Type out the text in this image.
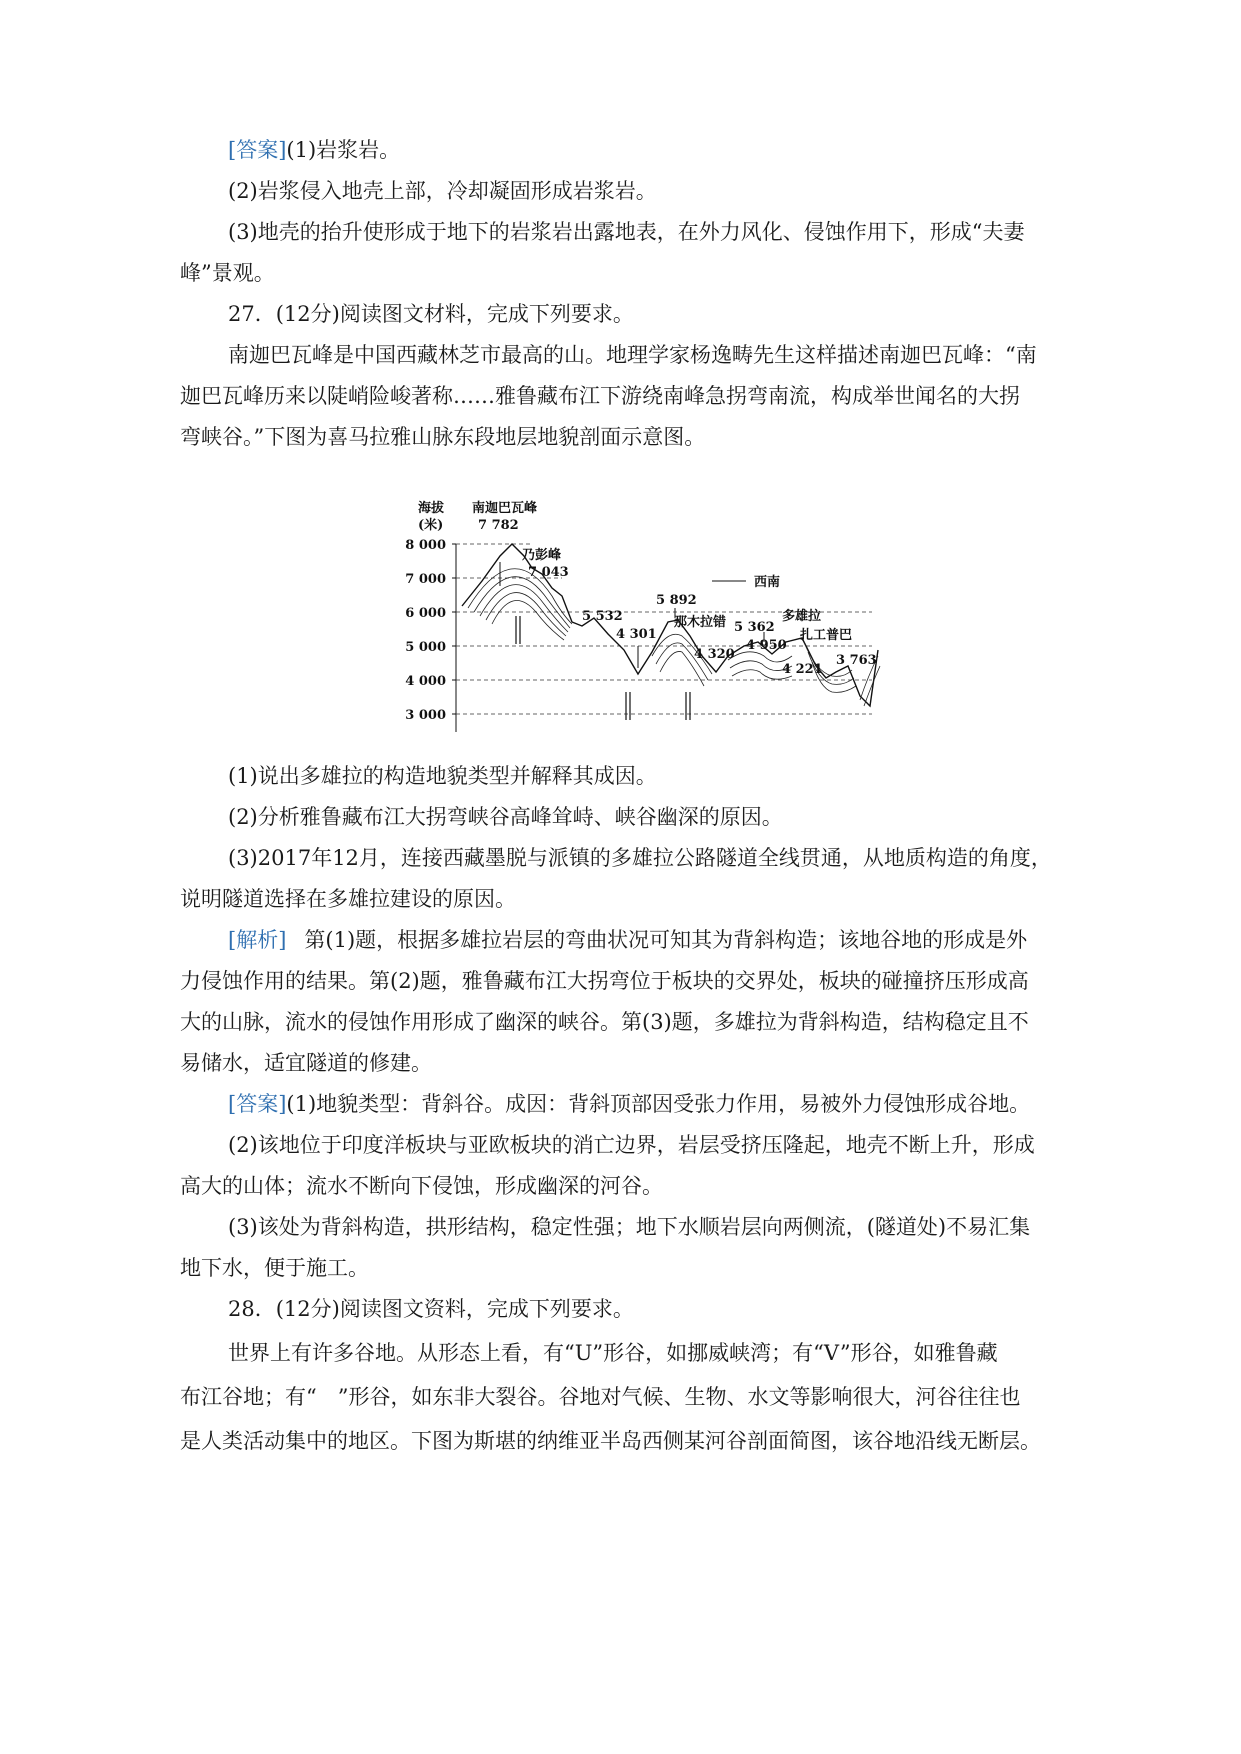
[答案](1)岩浆岩。
(2)岩浆侵入地壳上部，冷却凝固形成岩浆岩。
(3)地壳的抬升使形成于地下的岩浆岩出露地表，在外力风化、侵蚀作用下，形成“夫妻
峰”景观。
27．(12分)阅读图文材料，完成下列要求。
南迦巴瓦峰是中国西藏林芝市最高的山。地理学家杨逸畴先生这样描述南迦巴瓦峰：“南
迦巴瓦峰历来以陡峭险峻著称……雅鲁藏布江下游绕南峰急拐弯南流，构成举世闻名的大拐
弯峡谷。”下图为喜马拉雅山脉东段地层地貌剖面示意图。
8 000
7 000
6 000
5 000
4 000
3 000
海拔
(米)
南迦巴瓦峰
7 782
乃彭峰
7 043
西南
5 532
4 301
5 892
那木拉错
4 320
5 362
多雄拉
4 950
扎工普巴
4 221
3 763
(1)说出多雄拉的构造地貌类型并解释其成因。
(2)分析雅鲁藏布江大拐弯峡谷高峰耸峙、峡谷幽深的原因。
(3)2017年12月，连接西藏墨脱与派镇的多雄拉公路隧道全线贯通，从地质构造的角度，
说明隧道选择在多雄拉建设的原因。
[解析] 第(1)题，根据多雄拉岩层的弯曲状况可知其为背斜构造；该地谷地的形成是外
力侵蚀作用的结果。第(2)题，雅鲁藏布江大拐弯位于板块的交界处，板块的碰撞挤压形成高
大的山脉，流水的侵蚀作用形成了幽深的峡谷。第(3)题，多雄拉为背斜构造，结构稳定且不
易储水，适宜隧道的修建。
[答案](1)地貌类型：背斜谷。成因：背斜顶部因受张力作用，易被外力侵蚀形成谷地。
(2)该地位于印度洋板块与亚欧板块的消亡边界，岩层受挤压隆起，地壳不断上升，形成
高大的山体；流水不断向下侵蚀，形成幽深的河谷。
(3)该处为背斜构造，拱形结构，稳定性强；地下水顺岩层向两侧流，(隧道处)不易汇集
地下水，便于施工。
28．(12分)阅读图文资料，完成下列要求。
世界上有许多谷地。从形态上看，有“U”形谷，如挪威峡湾；有“V”形谷，如雅鲁藏
布江谷地；有“　”形谷，如东非大裂谷。谷地对气候、生物、水文等影响很大，河谷往往也
是人类活动集中的地区。下图为斯堪的纳维亚半岛西侧某河谷剖面简图，该谷地沿线无断层。
